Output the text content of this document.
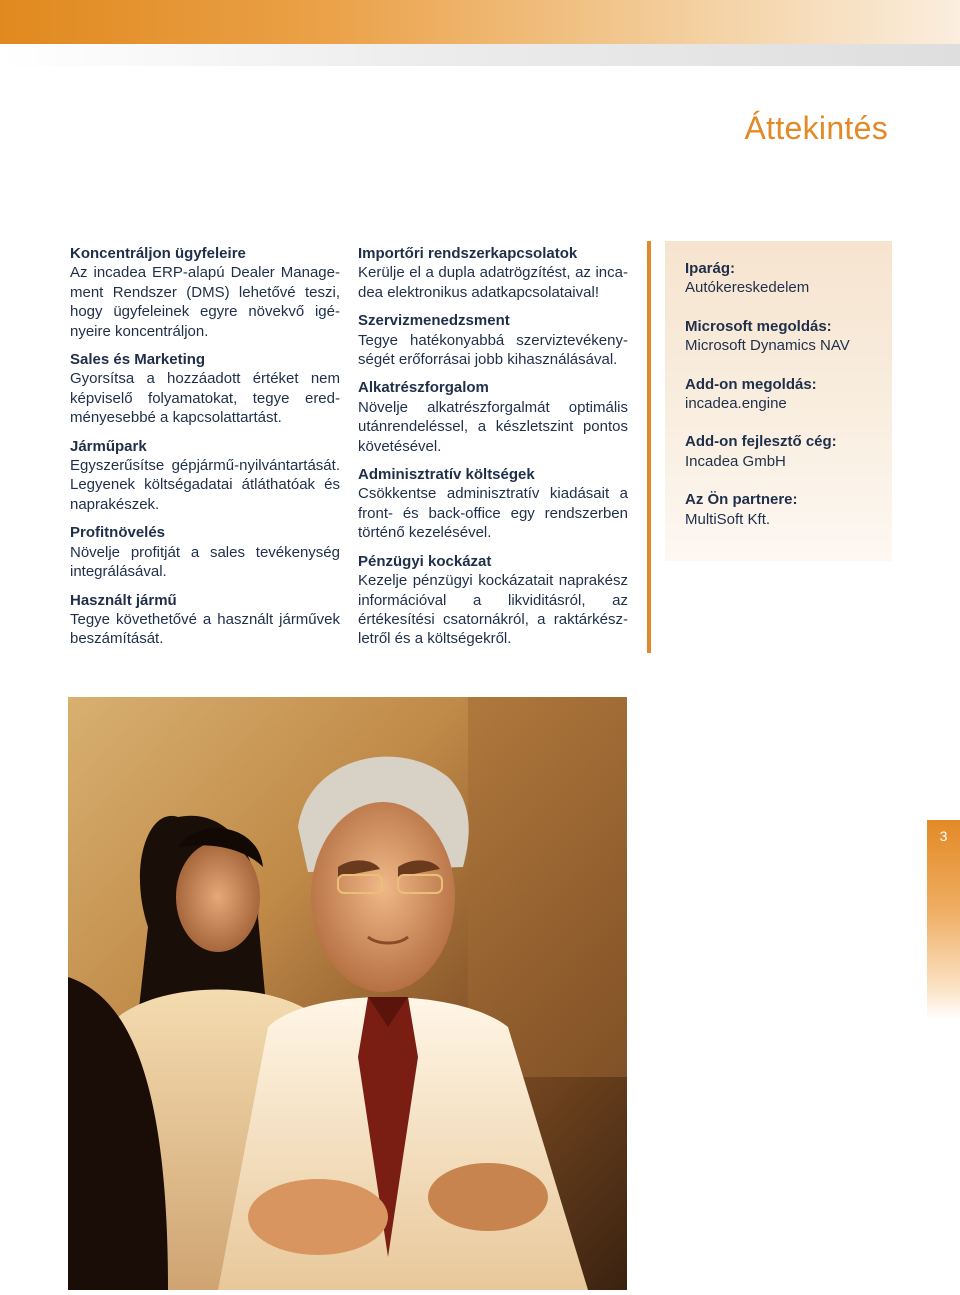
Áttekintés
Koncentráljon ügyfeleire
Az incadea ERP-alapú Dealer Management Rendszer (DMS) lehetővé teszi, hogy ügyfeleinek egyre növekvő igényeire koncentráljon.
Sales és Marketing
Gyorsítsa a hozzáadott értéket nem képviselő folyamatokat, tegye eredményesebbé a kapcsolattartást.
Járműpark
Egyszerűsítse gépjármű-nyilvántartását. Legyenek költségadatai átláthatóak és naprakészek.
Profitnövelés
Növelje profitját a sales tevékenység integrálásával.
Használt jármű
Tegye követhetővé a használt járművek beszámítását.
Importőri rendszerkapcsolatok
Kerülje el a dupla adatrögzítést, az incadea elektronikus adatkapcsolataival!
Szervizmenedzsment
Tegye hatékonyabbá szerviztevékenységét erőforrásai jobb kihasználásával.
Alkatrészforgalom
Növelje alkatrészforgalmát optimális utánrendeléssel, a készletszint pontos követésével.
Adminisztratív költségek
Csökkentse adminisztratív kiadásait a front- és back-office egy rendszerben történő kezelésével.
Pénzügyi kockázat
Kezelje pénzügyi kockázatait naprakész információval a likviditásról, az értékesítési csatornákról, a raktárkészletről és a költségekről.
Iparág:
Autókereskedelem
Microsoft megoldás:
Microsoft Dynamics NAV
Add-on megoldás:
incadea.engine
Add-on fejlesztő cég:
Incadea GmbH
Az Ön partnere:
MultiSoft Kft.
3
